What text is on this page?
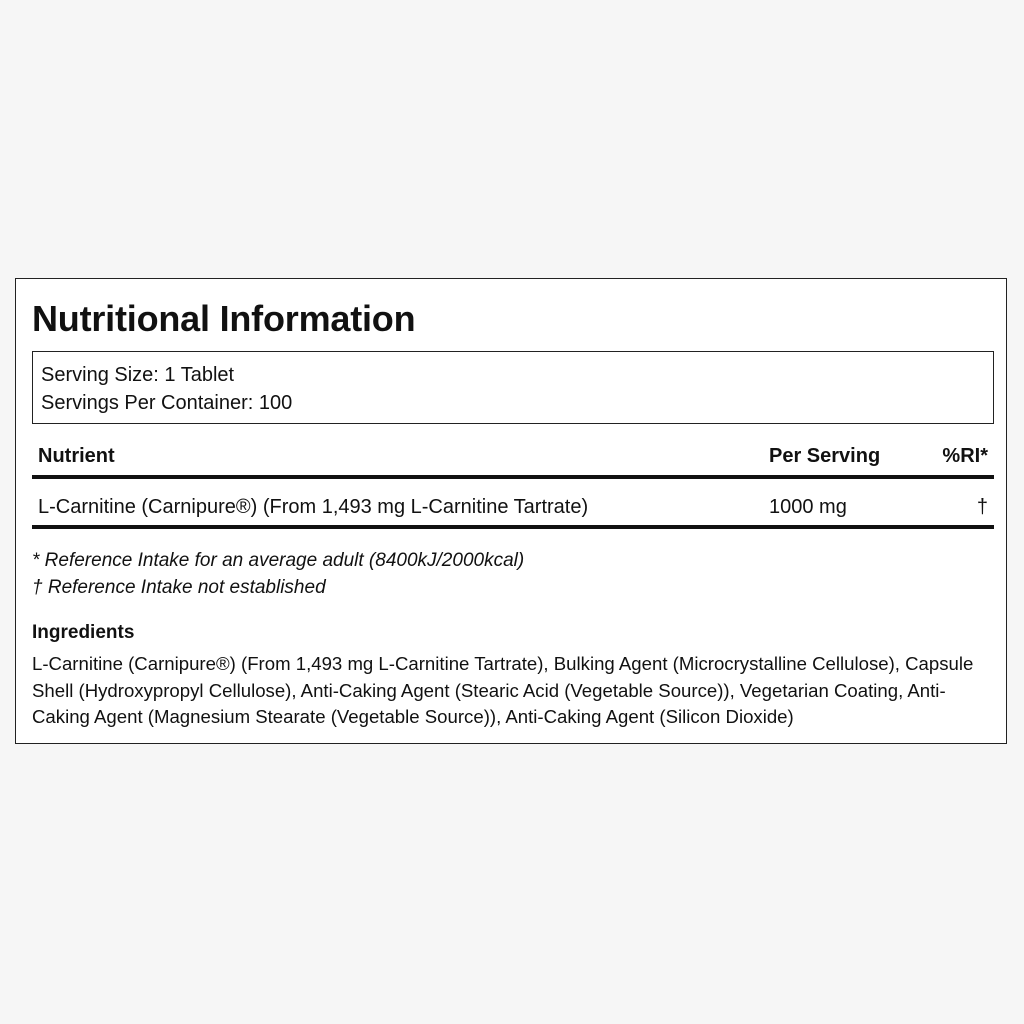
Nutritional Information
Serving Size: 1 Tablet
Servings Per Container: 100
Nutrient	Per Serving	%RI*
L-Carnitine (Carnipure®) (From 1,493 mg L-Carnitine Tartrate)	1000 mg	†
* Reference Intake for an average adult (8400kJ/2000kcal)
† Reference Intake not established
Ingredients
L-Carnitine (Carnipure®) (From 1,493 mg L-Carnitine Tartrate), Bulking Agent (Microcrystalline Cellulose), Capsule Shell (Hydroxypropyl Cellulose), Anti-Caking Agent (Stearic Acid (Vegetable Source)), Vegetarian Coating, Anti-Caking Agent (Magnesium Stearate (Vegetable Source)), Anti-Caking Agent (Silicon Dioxide)
